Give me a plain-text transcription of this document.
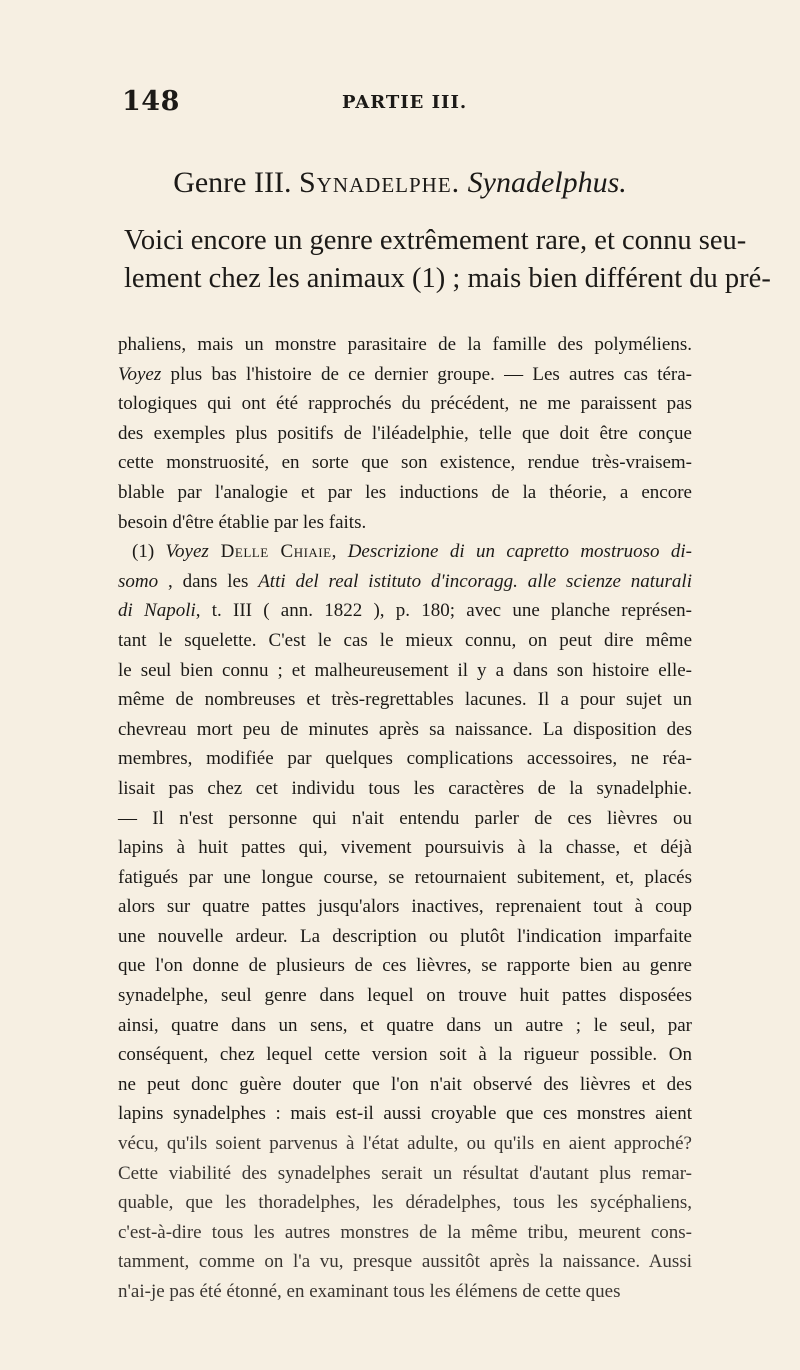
148	PARTIE III.
Genre III. Synadelphe. Synadelphus.
Voici encore un genre extrêmement rare, et connu seu-
lement chez les animaux (1) ; mais bien différent du pré-
phaliens, mais un monstre parasitaire de la famille des polyméliens.
Voyez plus bas l'histoire de ce dernier groupe. — Les autres cas téra-
tologiques qui ont été rapprochés du précédent, ne me paraissent pas
des exemples plus positifs de l'iléadelphie, telle que doit être conçue
cette monstruosité, en sorte que son existence, rendue très-vraisem-
blable par l'analogie et par les inductions de la théorie, a encore
besoin d'être établie par les faits.
(1) Voyez Delle Chiaie, Descrizione di un capretto mostruoso di-
somo , dans les Atti del real istituto d'incoragg. alle scienze naturali
di Napoli, t. III ( ann. 1822 ), p. 180; avec une planche représen-
tant le squelette. C'est le cas le mieux connu, on peut dire même
le seul bien connu ; et malheureusement il y a dans son histoire elle-
même de nombreuses et très-regrettables lacunes. Il a pour sujet un
chevreau mort peu de minutes après sa naissance. La disposition des
membres, modifiée par quelques complications accessoires, ne réa-
lisait pas chez cet individu tous les caractères de la synadelphie.
— Il n'est personne qui n'ait entendu parler de ces lièvres ou
lapins à huit pattes qui, vivement poursuivis à la chasse, et déjà
fatigués par une longue course, se retournaient subitement, et, placés
alors sur quatre pattes jusqu'alors inactives, reprenaient tout à coup
une nouvelle ardeur. La description ou plutôt l'indication imparfaite
que l'on donne de plusieurs de ces lièvres, se rapporte bien au genre
synadelphe, seul genre dans lequel on trouve huit pattes disposées
ainsi, quatre dans un sens, et quatre dans un autre ; le seul, par
conséquent, chez lequel cette version soit à la rigueur possible. On
ne peut donc guère douter que l'on n'ait observé des lièvres et des
lapins synadelphes : mais est-il aussi croyable que ces monstres aient
vécu, qu'ils soient parvenus à l'état adulte, ou qu'ils en aient approché?
Cette viabilité des synadelphes serait un résultat d'autant plus remar-
quable, que les thoradelphes, les déradelphes, tous les sycéphaliens,
c'est-à-dire tous les autres monstres de la même tribu, meurent cons-
tamment, comme on l'a vu, presque aussitôt après la naissance. Aussi
n'ai-je pas été étonné, en examinant tous les élémens de cette ques
